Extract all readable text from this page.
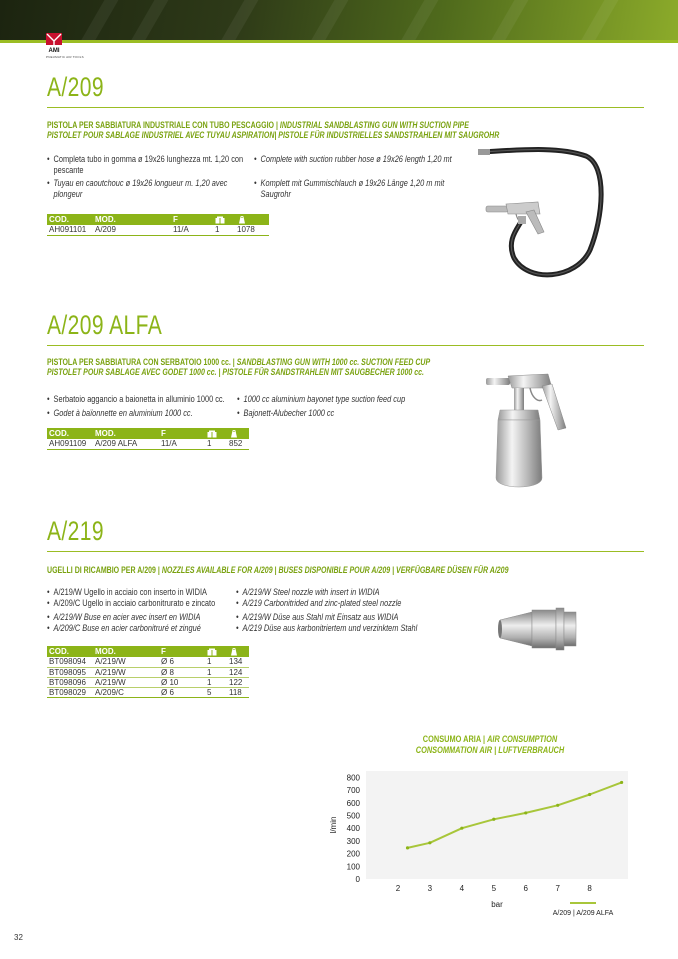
AMI
PNEUMATIC AIR TOOLS
A/209
PISTOLA PER SABBIATURA INDUSTRIALE CON TUBO PESCAGGIO | INDUSTRIAL SANDBLASTING GUN WITH SUCTION PIPE
PISTOLET POUR SABLAGE INDUSTRIEL AVEC TUYAU ASPIRATION| PISTOLE FÜR INDUSTRIELLES SANDSTRAHLEN MIT SAUGROHR
• Completa tubo in gomma ø 19x26 lunghezza mt. 1,20 con pescante
• Tuyau en caoutchouc ø 19x26 longueur m. 1,20 avec plongeur
• Complete with suction rubber hose ø 19x26 length 1,20 mt
• Komplett mit Gummischlauch ø 19x26 Länge 1,20 m mit Saugrohr
COD.	MOD.	F		
AH091101	A/209	11/A	1	1078
A/209 ALFA
PISTOLA PER SABBIATURA CON SERBATOIO 1000 cc. | SANDBLASTING GUN WITH 1000 cc. SUCTION FEED CUP
PISTOLET POUR SABLAGE AVEC GODET 1000 cc. | PISTOLE FÜR SANDSTRAHLEN MIT SAUGBECHER 1000 cc.
• Serbatoio aggancio a baionetta in alluminio 1000 cc.
• Godet à baïonnette en aluminium 1000 cc.
• 1000 cc aluminium bayonet type suction feed cup
• Bajonett-Alubecher 1000 cc
COD.	MOD.	F		
AH091109	A/209 ALFA	11/A	1	852
A/219
UGELLI DI RICAMBIO PER A/209 | NOZZLES AVAILABLE FOR A/209 | BUSES DISPONIBLE POUR A/209 | VERFÜGBARE DÜSEN FÜR A/209
• A/219/W Ugello in acciaio con inserto in WIDIA
• A/209/C Ugello in acciaio carbonitrurato e zincato
• A/219/W Buse en acier avec insert en WIDIA
• A/209/C Buse en acier carbonitruré et zingué
• A/219/W Steel nozzle with insert in WIDIA
• A/219 Carbonitrided and zinc-plated steel nozzle
• A/219/W Düse aus Stahl mit Einsatz aus WIDIA
• A/219 Düse aus karbonitriertem und verzinktem Stahl
COD.	MOD.	F		
BT098094	A/219/W	Ø 6	1	134
BT098095	A/219/W	Ø 8	1	124
BT098096	A/219/W	Ø 10	1	122
BT098029	A/209/C	Ø 6	5	118
CONSUMO ARIA | AIR CONSUMPTION
CONSOMMATION AIR | LUFTVERBRAUCH
0
100
200
300
400
500
600
700
800
2	3	4	5	6	7	8
l/min
bar
A/209 | A/209 ALFA
32
